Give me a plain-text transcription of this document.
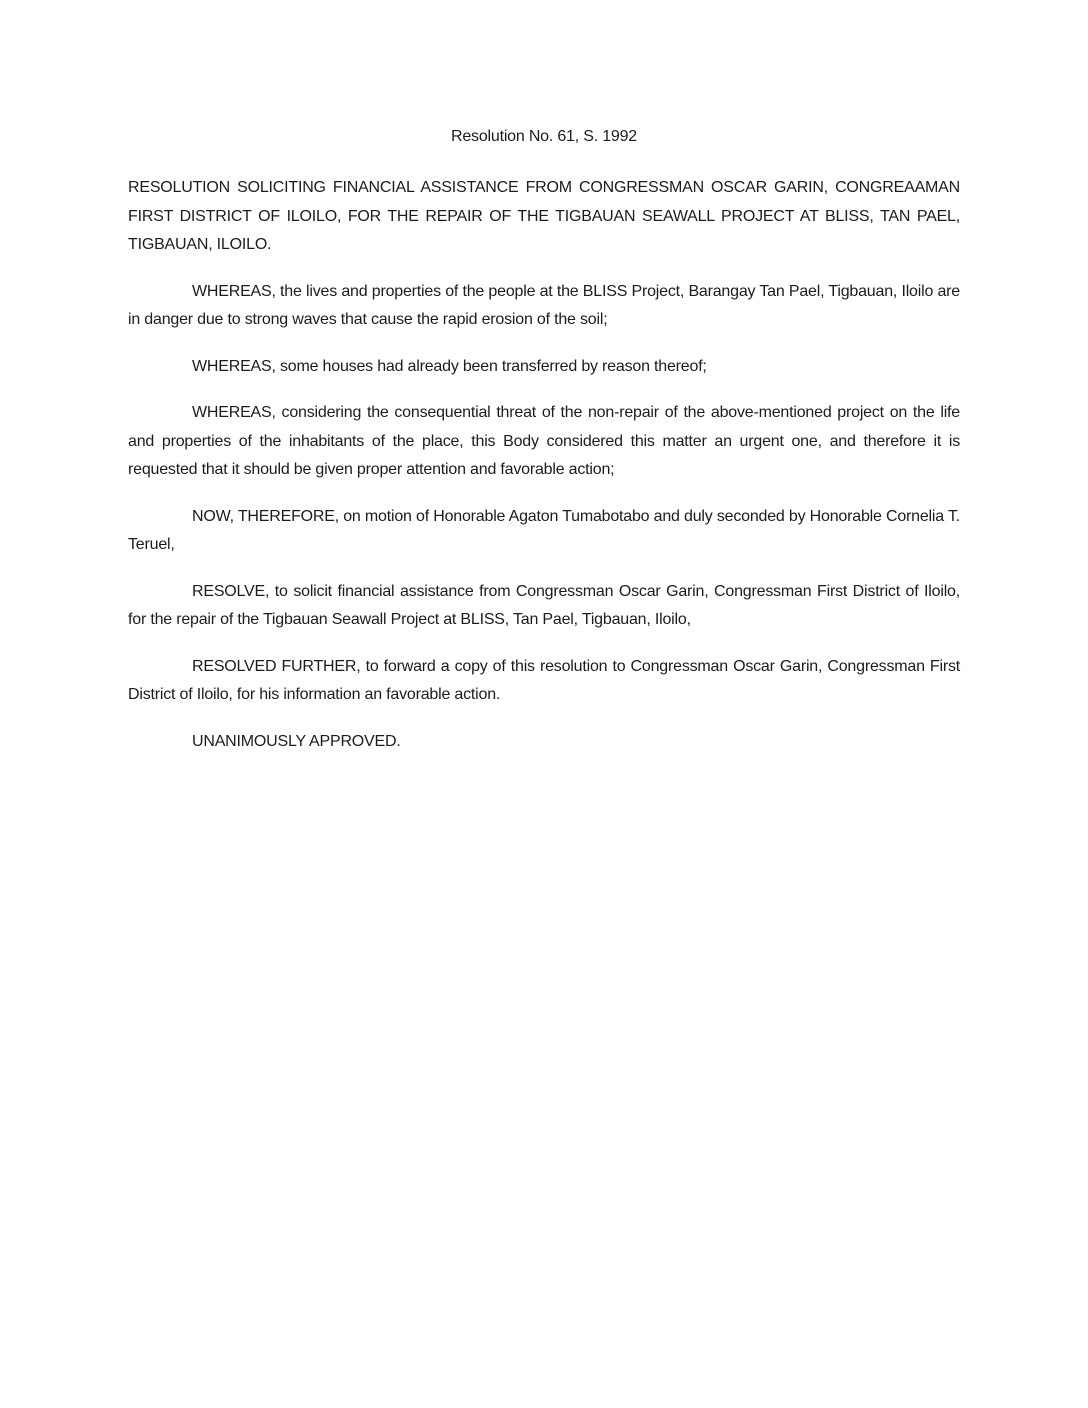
Resolution No. 61, S. 1992

RESOLUTION SOLICITING FINANCIAL ASSISTANCE FROM CONGRESSMAN OSCAR GARIN, CONGREAAMAN FIRST DISTRICT OF ILOILO, FOR THE REPAIR OF THE TIGBAUAN SEAWALL PROJECT AT BLISS, TAN PAEL, TIGBAUAN, ILOILO.

WHEREAS, the lives and properties of the people at the BLISS Project, Barangay Tan Pael, Tigbauan, Iloilo are in danger due to strong waves that cause the rapid erosion of the soil;

WHEREAS, some houses had already been transferred by reason thereof;

WHEREAS, considering the consequential threat of the non-repair of the above-mentioned project on the life and properties of the inhabitants of the place, this Body considered this matter an urgent one, and therefore it is requested that it should be given proper attention and favorable action;

NOW, THEREFORE, on motion of Honorable Agaton Tumabotabo and duly seconded by Honorable Cornelia T. Teruel,

RESOLVE, to solicit financial assistance from Congressman Oscar Garin, Congressman First District of Iloilo, for the repair of the Tigbauan Seawall Project at BLISS, Tan Pael, Tigbauan, Iloilo,

RESOLVED FURTHER, to forward a copy of this resolution to Congressman Oscar Garin, Congressman First District of Iloilo, for his information an favorable action.

UNANIMOUSLY APPROVED.
